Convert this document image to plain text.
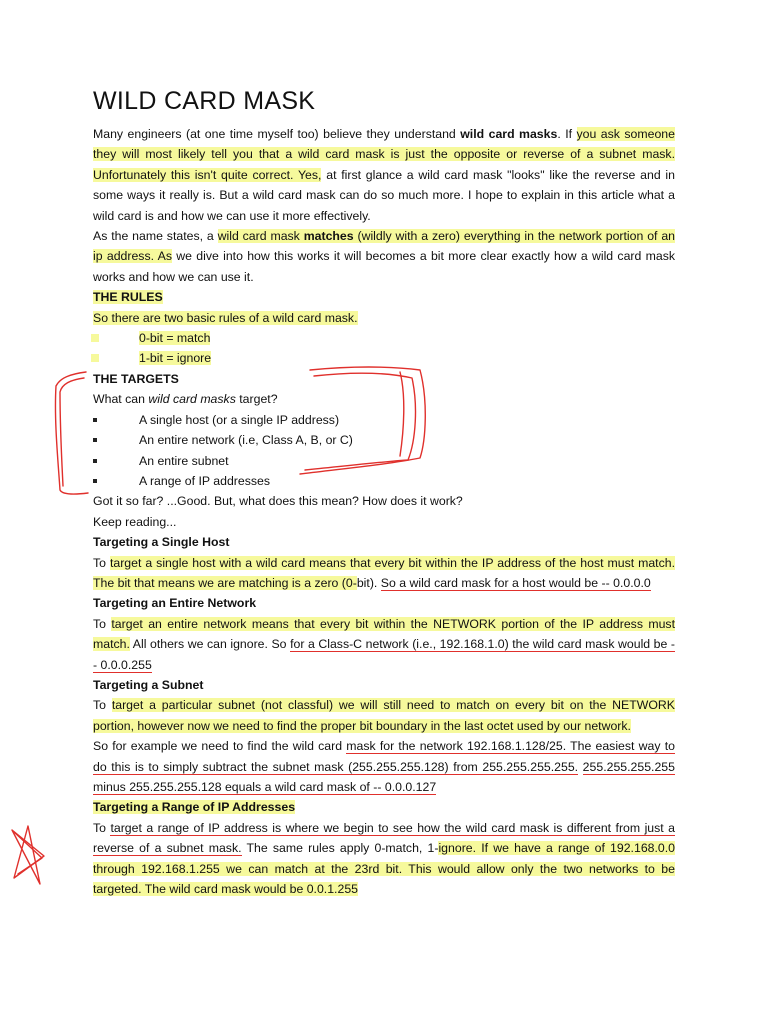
WILD CARD MASK

Many engineers (at one time myself too) believe they understand wild card masks. If you ask someone they will most likely tell you that a wild card mask is just the opposite or reverse of a subnet mask. Unfortunately this isn't quite correct. Yes, at first glance a wild card mask "looks" like the reverse and in some ways it really is. But a wild card mask can do so much more. I hope to explain in this article what a wild card is and how we can use it more effectively.

As the name states, a wild card mask matches (wildly with a zero) everything in the network portion of an ip address. As we dive into how this works it will becomes a bit more clear exactly how a wild card mask works and how we can use it.

THE RULES

So there are two basic rules of a wild card mask.

0-bit = match
1-bit = ignore

THE TARGETS

What can wild card masks target?

A single host (or a single IP address)
An entire network (i.e, Class A, B, or C)
An entire subnet
A range of IP addresses

Got it so far? ...Good. But, what does this mean? How does it work?

Keep reading...

Targeting a Single Host

To target a single host with a wild card means that every bit within the IP address of the host must match. The bit that means we are matching is a zero (0-bit). So a wild card mask for a host would be -- 0.0.0.0

Targeting an Entire Network

To target an entire network means that every bit within the NETWORK portion of the IP address must match. All others we can ignore. So for a Class-C network (i.e., 192.168.1.0) the wild card mask would be -- 0.0.0.255

Targeting a Subnet

To target a particular subnet (not classful) we will still need to match on every bit on the NETWORK portion, however now we need to find the proper bit boundary in the last octet used by our network.

So for example we need to find the wild card mask for the network 192.168.1.128/25. The easiest way to do this is to simply subtract the subnet mask (255.255.255.128) from 255.255.255.255. 255.255.255.255 minus 255.255.255.128 equals a wild card mask of -- 0.0.0.127

Targeting a Range of IP Addresses

To target a range of IP address is where we begin to see how the wild card mask is different from just a reverse of a subnet mask. The same rules apply 0-match, 1-ignore. If we have a range of 192.168.0.0 through 192.168.1.255 we can match at the 23rd bit. This would allow only the two networks to be targeted. The wild card mask would be 0.0.1.255
